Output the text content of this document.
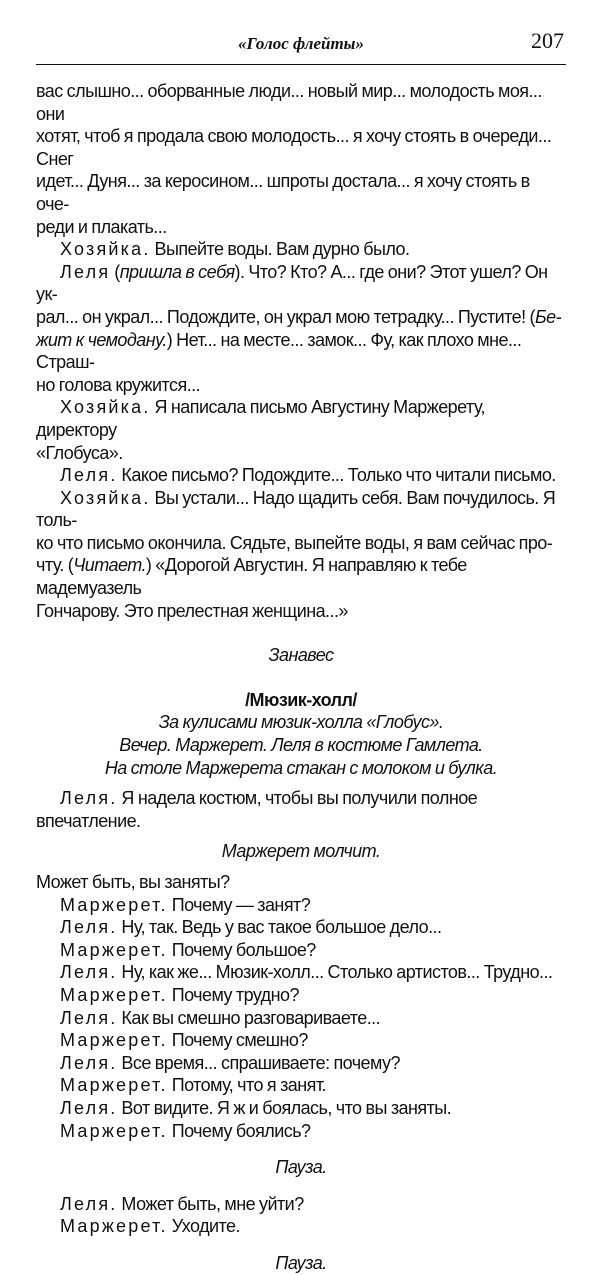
«Голос флейты»	207

вас слышно... оборванные люди... новый мир... молодость моя... они
хотят, чтоб я продала свою молодость... я хочу стоять в очереди... Снег
идет... Дуня... за керосином... шпроты достала... я хочу стоять в оче-
реди и плакать...

Хозяйка. Выпейте воды. Вам дурно было.

Леля (пришла в себя). Что? Кто? А... где они? Этот ушел? Он ук-
рал... он украл... Подождите, он украл мою тетрадку... Пустите! (Бе-
жит к чемодану.) Нет... на месте... замок... Фу, как плохо мне... Страш-
но голова кружится...

Хозяйка. Я написала письмо Августину Маржерету, директору
«Глобуса».

Леля. Какое письмо? Подождите... Только что читали письмо.

Хозяйка. Вы устали... Надо щадить себя. Вам почудилось. Я толь-
ко что письмо окончила. Сядьте, выпейте воды, я вам сейчас про-
чту. (Читает.) «Дорогой Августин. Я направляю к тебе мадемуазель
Гончарову. Это прелестная женщина...»

Занавес

/Мюзик-холл/

За кулисами мюзик-холла «Глобус».
Вечер. Маржерет. Леля в костюме Гамлета.
На столе Маржерета стакан с молоком и булка.

Леля. Я надела костюм, чтобы вы получили полное впечатление.

Маржерет молчит.

Может быть, вы заняты?

Маржерет. Почему — занят?

Леля. Ну, так. Ведь у вас такое большое дело...

Маржерет. Почему большое?

Леля. Ну, как же... Мюзик-холл... Столько артистов... Трудно...

Маржерет. Почему трудно?

Леля. Как вы смешно разговариваете...

Маржерет. Почему смешно?

Леля. Все время... спрашиваете: почему?

Маржерет. Потому, что я занят.

Леля. Вот видите. Я ж и боялась, что вы заняты.

Маржерет. Почему боялись?

Пауза.

Леля. Может быть, мне уйти?

Маржерет. Уходите.

Пауза.
